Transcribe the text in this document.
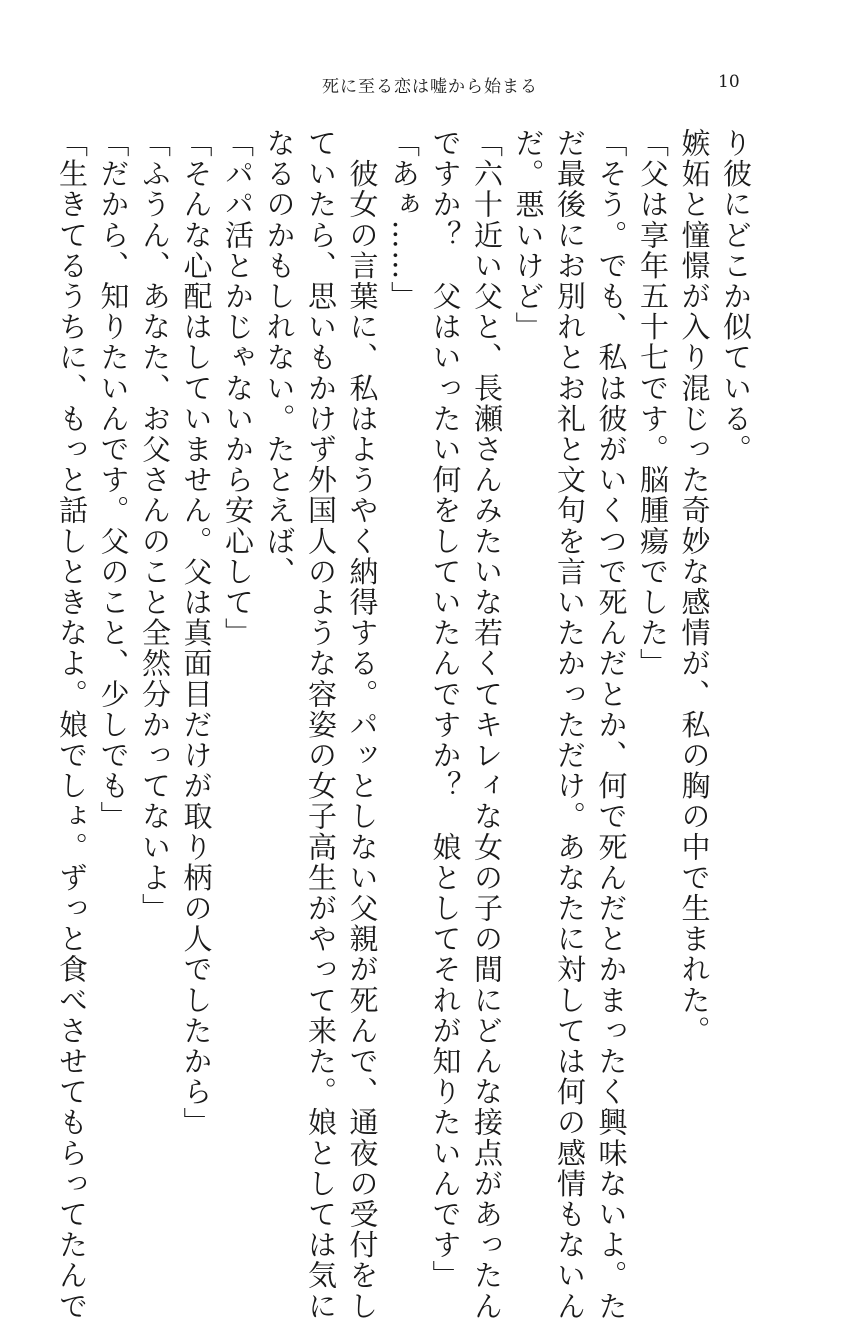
死に至る恋は嘘から始まる	10

り彼にどこか似ている。

嫉妬と憧憬が入り混じった奇妙な感情が、私の胸の中で生まれた。

「父は享年五十七です。脳腫瘍でした」

「そう。でも、私は彼がいくつで死んだとか、何で死んだとかまったく興味ないよ。た

だ最後にお別れとお礼と文句を言いたかっただけ。あなたに対しては何の感情もないん

だ。悪いけど」

「六十近い父と、長瀬さんみたいな若くてキレィな女の子の間にどんな接点があったん

ですか？　父はいったい何をしていたんですか？　娘としてそれが知りたいんです」

「あぁ……」

　彼女の言葉に、私はようやく納得する。パッとしない父親が死んで、通夜の受付をし

ていたら、思いもかけず外国人のような容姿の女子高生がやって来た。娘としては気に

なるのかもしれない。たとえば、

「パパ活とかじゃないから安心して」

「そんな心配はしていません。父は真面目だけが取り柄の人でしたから」

「ふうん、あなた、お父さんのこと全然分かってないよ」

「だから、知りたいんです。父のこと、少しでも」

「生きてるうちに、もっと話しときなよ。娘でしょ。ずっと食べさせてもらってたんで
